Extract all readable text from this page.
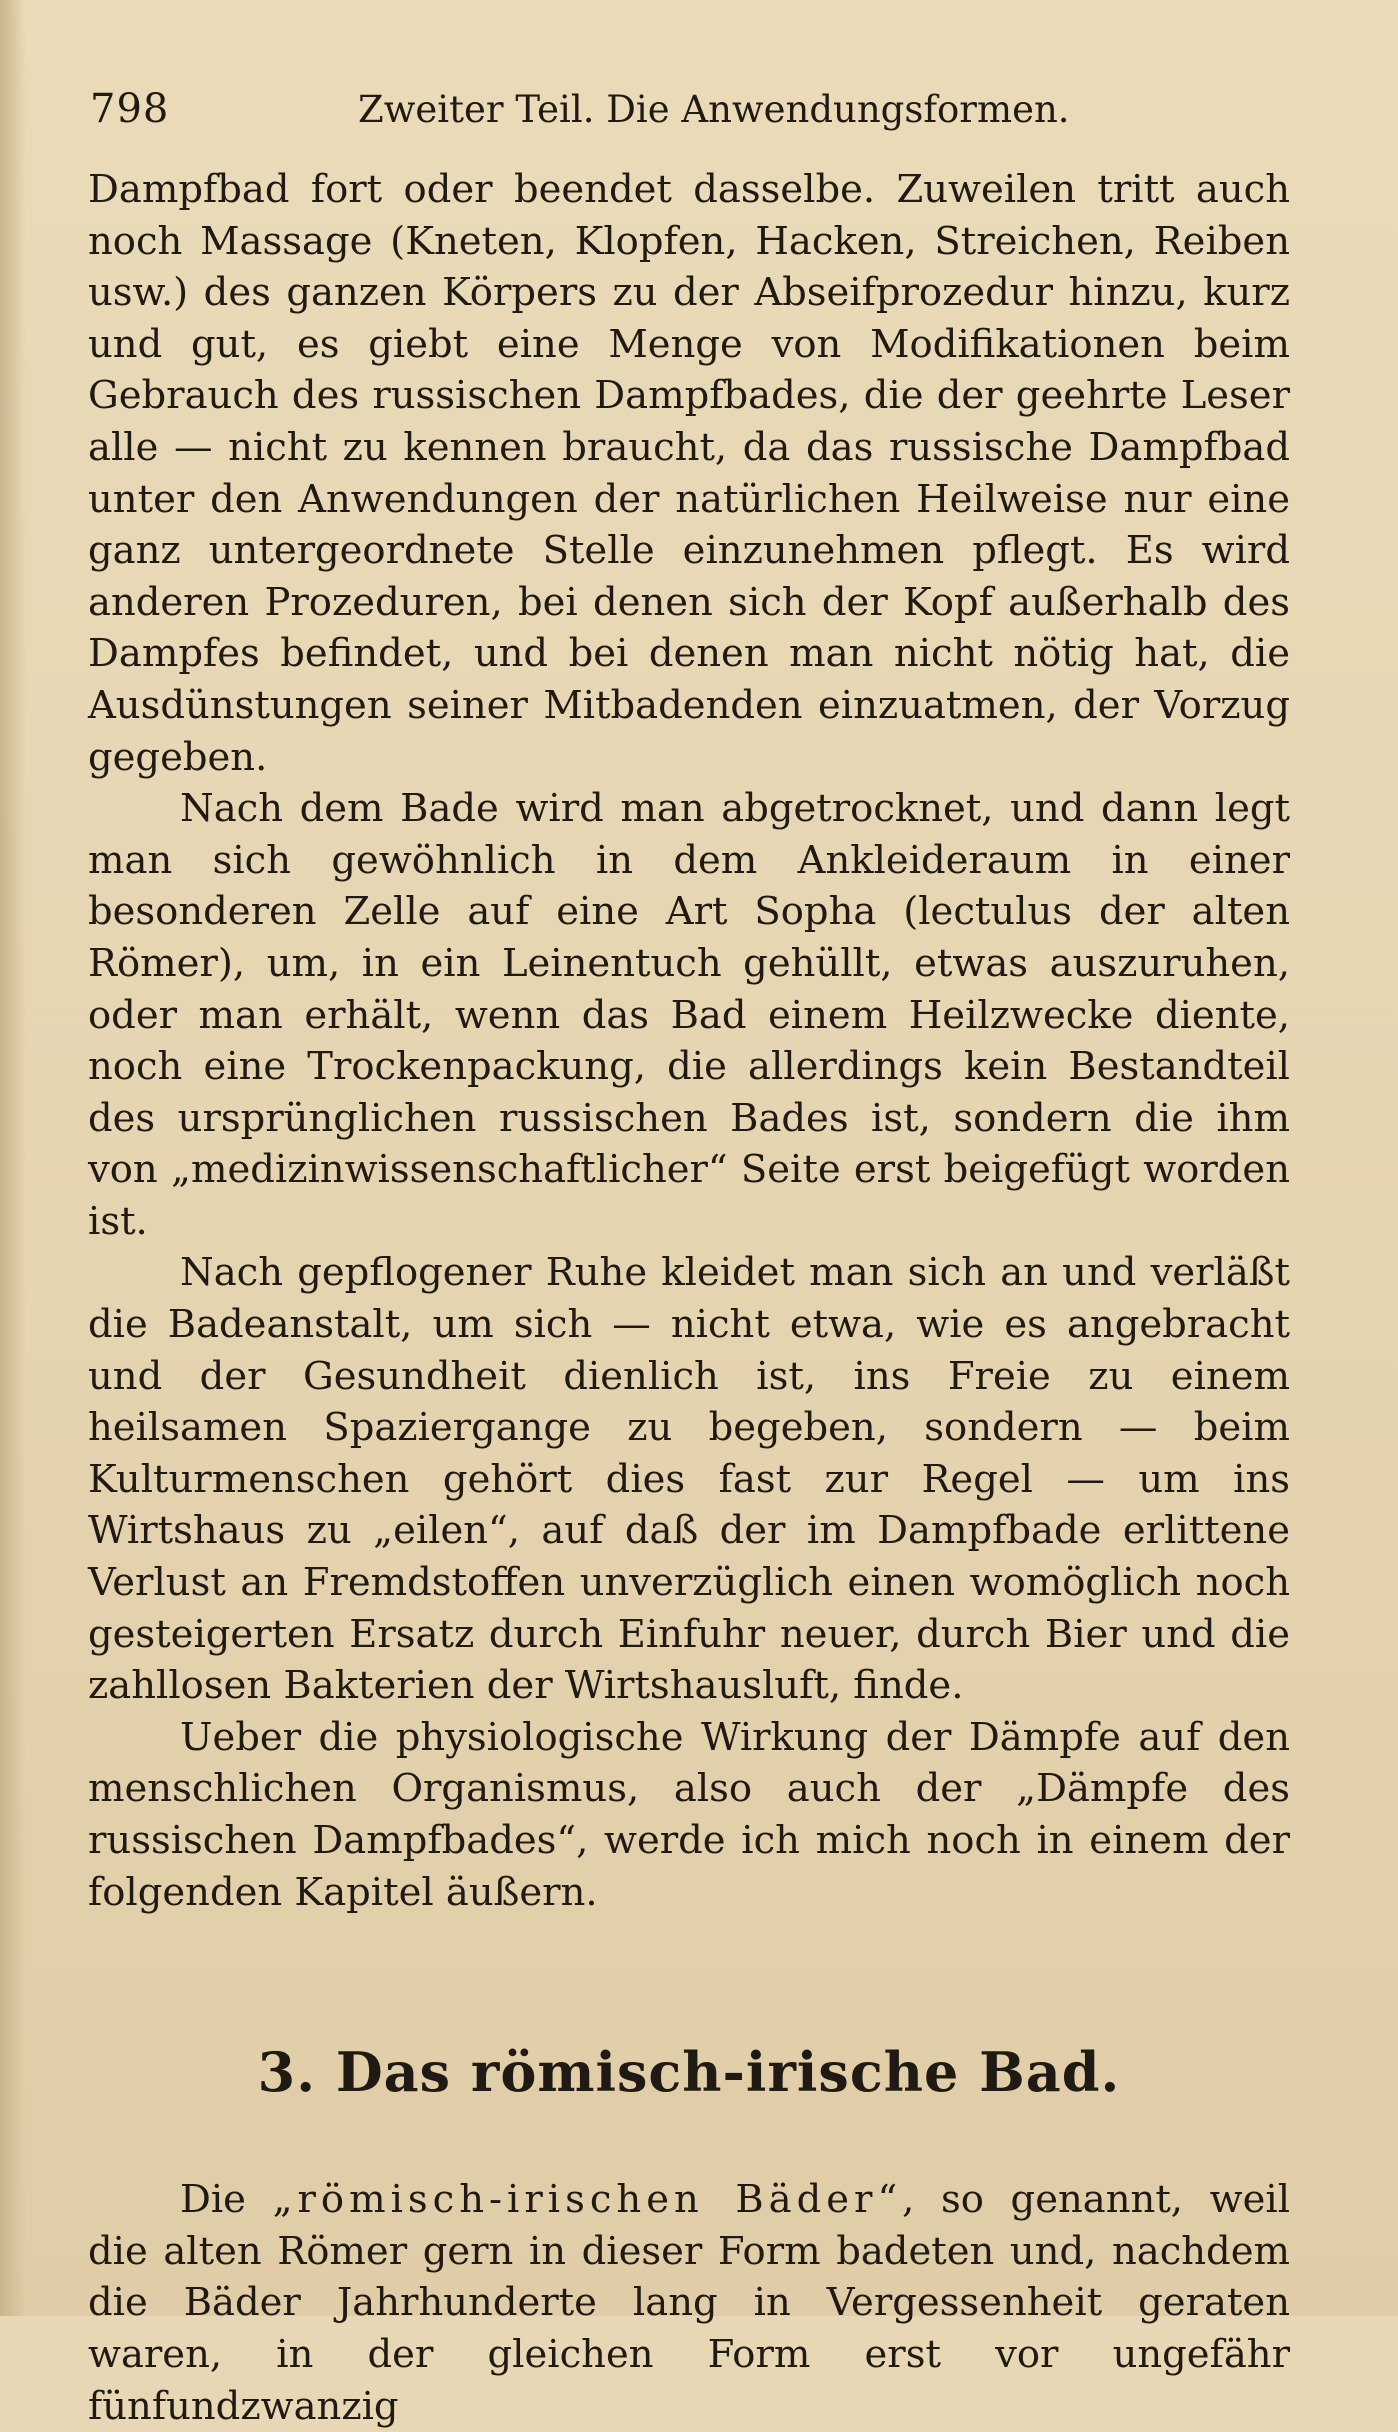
798	Zweiter Teil. Die Anwendungsformen.

Dampfbad fort oder beendet dasselbe. Zuweilen tritt auch noch Massage (Kneten, Klopfen, Hacken, Streichen, Reiben usw.) des ganzen Körpers zu der Abseifprozedur hinzu, kurz und gut, es giebt eine Menge von Modifikationen beim Gebrauch des russischen Dampfbades, die der geehrte Leser alle — nicht zu kennen braucht, da das russische Dampfbad unter den Anwendungen der natürlichen Heilweise nur eine ganz untergeordnete Stelle einzunehmen pflegt. Es wird anderen Prozeduren, bei denen sich der Kopf außerhalb des Dampfes befindet, und bei denen man nicht nötig hat, die Ausdünstungen seiner Mitbadenden einzuatmen, der Vorzug gegeben.

Nach dem Bade wird man abgetrocknet, und dann legt man sich gewöhnlich in dem Ankleideraum in einer besonderen Zelle auf eine Art Sopha (lectulus der alten Römer), um, in ein Leinentuch gehüllt, etwas auszuruhen, oder man erhält, wenn das Bad einem Heilzwecke diente, noch eine Trockenpackung, die allerdings kein Bestandteil des ursprünglichen russischen Bades ist, sondern die ihm von „medizinwissenschaftlicher“ Seite erst beigefügt worden ist.

Nach gepflogener Ruhe kleidet man sich an und verläßt die Badeanstalt, um sich — nicht etwa, wie es angebracht und der Gesundheit dienlich ist, ins Freie zu einem heilsamen Spaziergange zu begeben, sondern — beim Kulturmenschen gehört dies fast zur Regel — um ins Wirtshaus zu „eilen“, auf daß der im Dampfbade erlittene Verlust an Fremdstoffen unverzüglich einen womöglich noch gesteigerten Ersatz durch Einfuhr neuer, durch Bier und die zahllosen Bakterien der Wirtshausluft, finde.

Ueber die physiologische Wirkung der Dämpfe auf den menschlichen Organismus, also auch der „Dämpfe des russischen Dampfbades“, werde ich mich noch in einem der folgenden Kapitel äußern.

3. Das römisch-irische Bad.

Die „römisch-irischen Bäder“, so genannt, weil die alten Römer gern in dieser Form badeten und, nachdem die Bäder Jahrhunderte lang in Vergessenheit geraten waren, in der gleichen Form erst vor ungefähr fünfundzwanzig
